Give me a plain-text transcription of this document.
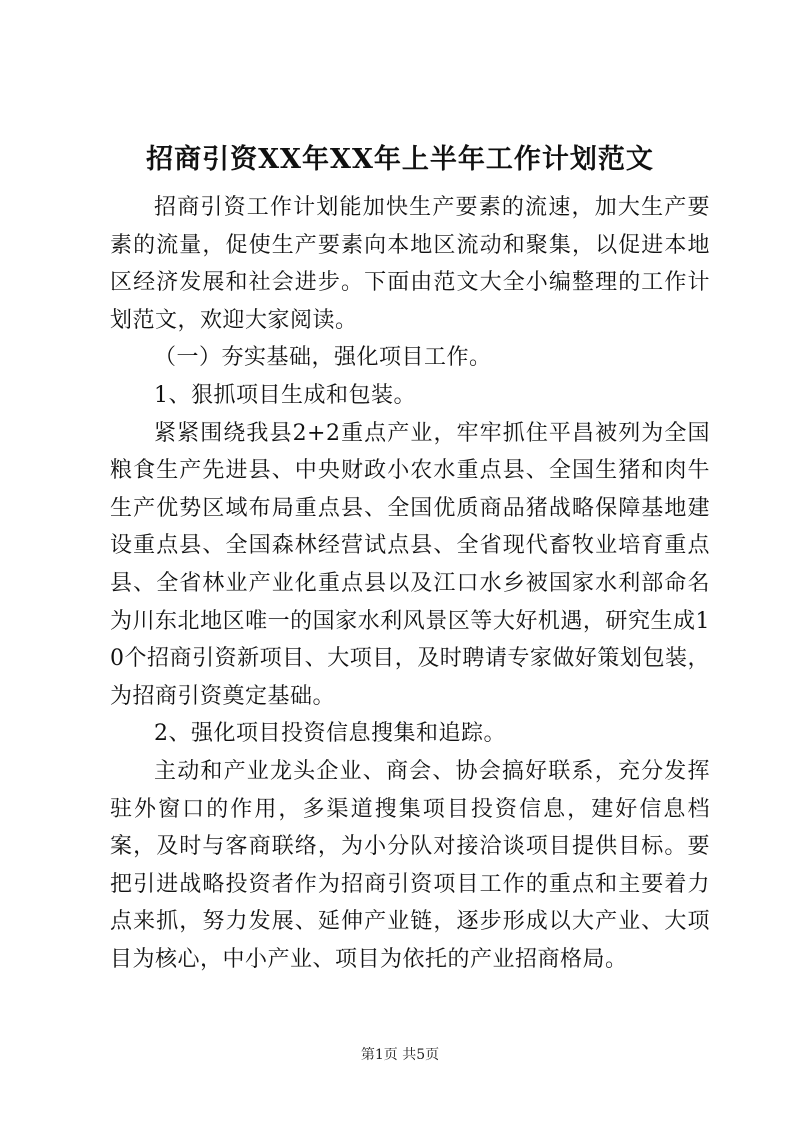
招商引资XX年XX年上半年工作计划范文

招商引资工作计划能加快生产要素的流速，加大生产要素的流量，促使生产要素向本地区流动和聚集，以促进本地区经济发展和社会进步。下面由范文大全小编整理的工作计划范文，欢迎大家阅读。

（一）夯实基础，强化项目工作。

1、狠抓项目生成和包装。

紧紧围绕我县2+2重点产业，牢牢抓住平昌被列为全国粮食生产先进县、中央财政小农水重点县、全国生猪和肉牛生产优势区域布局重点县、全国优质商品猪战略保障基地建设重点县、全国森林经营试点县、全省现代畜牧业培育重点县、全省林业产业化重点县以及江口水乡被国家水利部命名为川东北地区唯一的国家水利风景区等大好机遇，研究生成10个招商引资新项目、大项目，及时聘请专家做好策划包装，为招商引资奠定基础。

2、强化项目投资信息搜集和追踪。

主动和产业龙头企业、商会、协会搞好联系，充分发挥驻外窗口的作用，多渠道搜集项目投资信息，建好信息档案，及时与客商联络，为小分队对接洽谈项目提供目标。要把引进战略投资者作为招商引资项目工作的重点和主要着力点来抓，努力发展、延伸产业链，逐步形成以大产业、大项目为核心，中小产业、项目为依托的产业招商格局。

第1页 共5页
